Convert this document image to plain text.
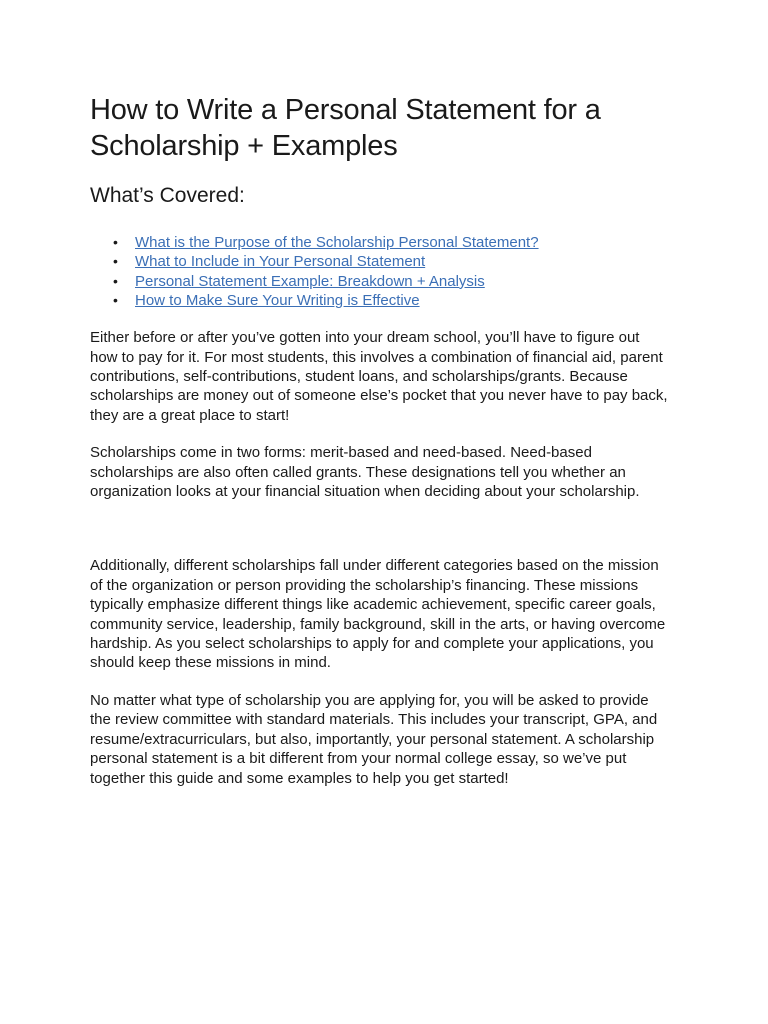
How to Write a Personal Statement for a Scholarship + Examples
What’s Covered:
• What is the Purpose of the Scholarship Personal Statement?
• What to Include in Your Personal Statement
• Personal Statement Example: Breakdown + Analysis
• How to Make Sure Your Writing is Effective

Either before or after you’ve gotten into your dream school, you’ll have to figure out how to pay for it. For most students, this involves a combination of financial aid, parent contributions, self-contributions, student loans, and scholarships/grants. Because scholarships are money out of someone else’s pocket that you never have to pay back, they are a great place to start!

Scholarships come in two forms: merit-based and need-based. Need-based scholarships are also often called grants. These designations tell you whether an organization looks at your financial situation when deciding about your scholarship.

Additionally, different scholarships fall under different categories based on the mission of the organization or person providing the scholarship’s financing. These missions typically emphasize different things like academic achievement, specific career goals, community service, leadership, family background, skill in the arts, or having overcome hardship. As you select scholarships to apply for and complete your applications, you should keep these missions in mind.

No matter what type of scholarship you are applying for, you will be asked to provide the review committee with standard materials. This includes your transcript, GPA, and resume/extracurriculars, but also, importantly, your personal statement. A scholarship personal statement is a bit different from your normal college essay, so we’ve put together this guide and some examples to help you get started!
